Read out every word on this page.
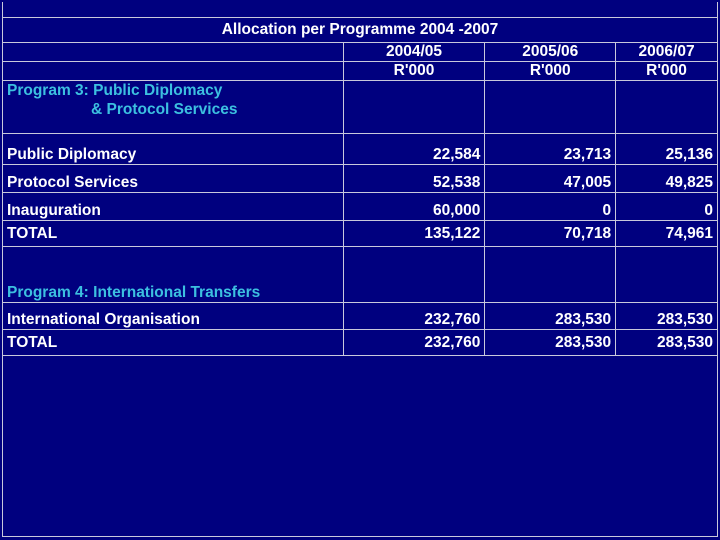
Allocation per Programme 2004 -2007			
	2004/05	2005/06	2006/07
	R'000	R'000	R'000
Program 3: Public Diplomacy
& Protocol Services			
Public Diplomacy	22,584	23,713	25,136
Protocol Services	52,538	47,005	49,825
Inauguration	60,000	0	0
TOTAL	135,122	70,718	74,961
Program 4: International Transfers			
International Organisation	232,760	283,530	283,530
TOTAL	232,760	283,530	283,530
